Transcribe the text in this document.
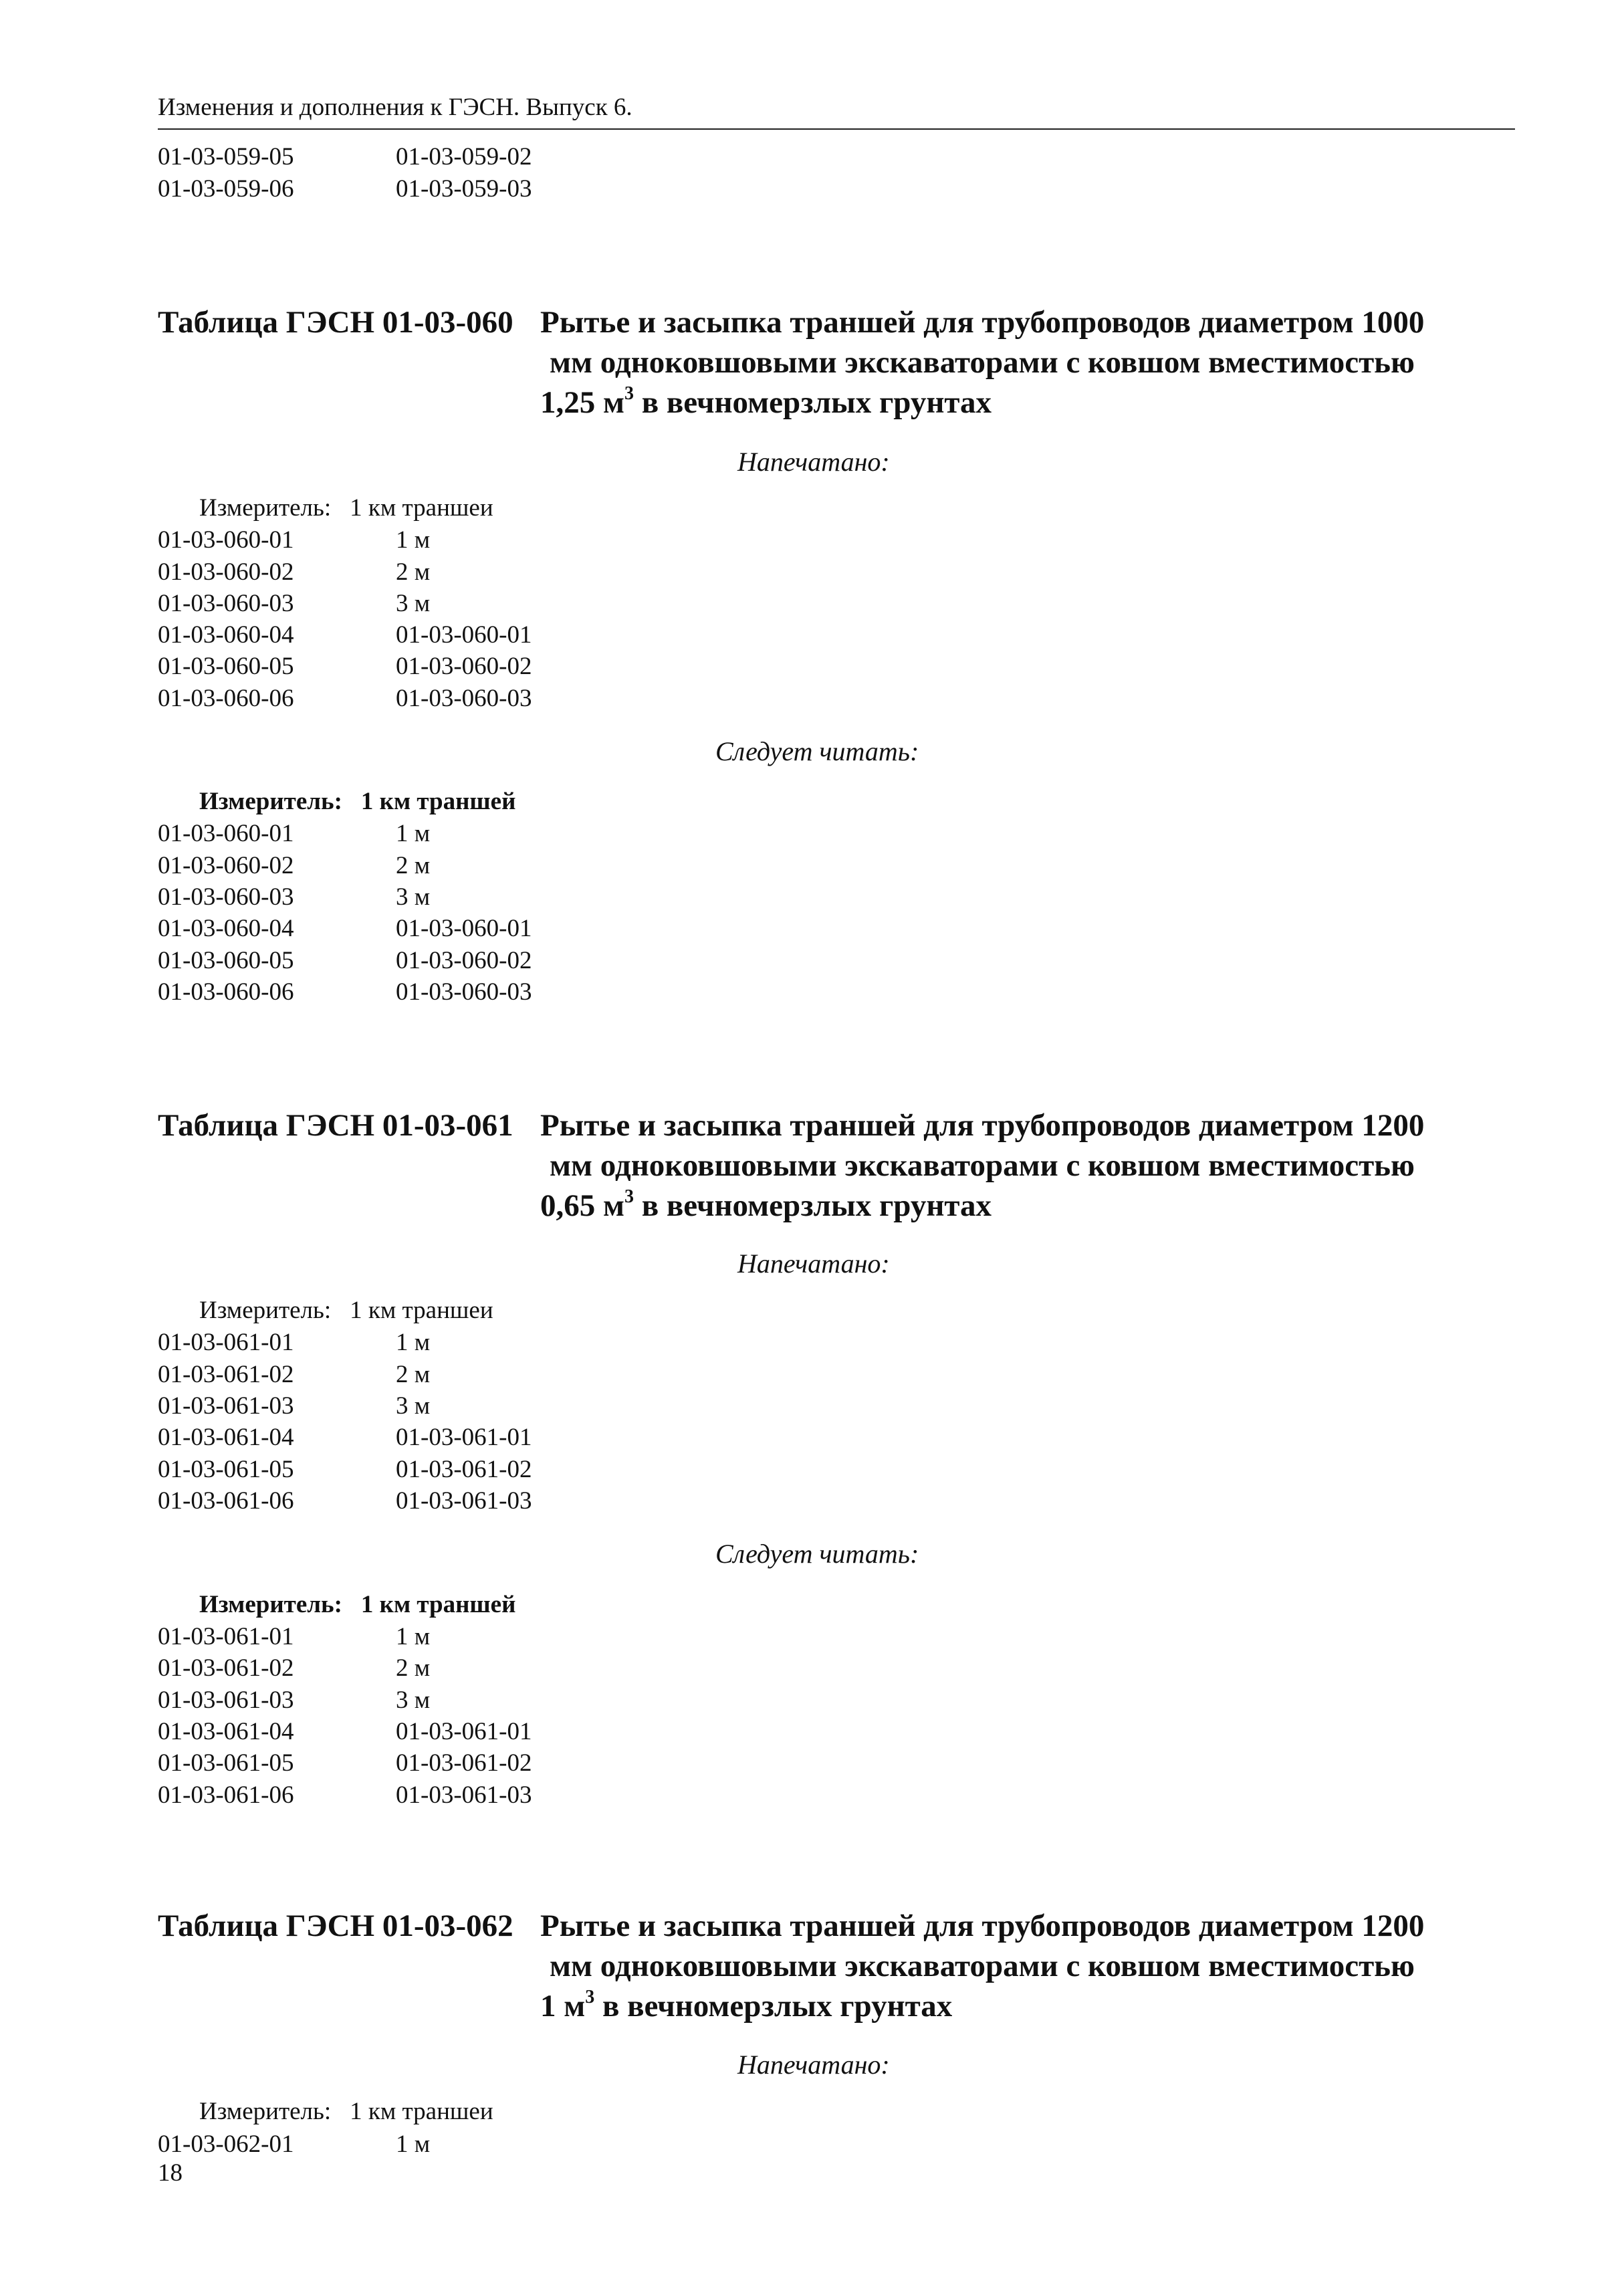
Изменения и дополнения к ГЭСН. Выпуск 6.
01-03-059-05	01-03-059-02
01-03-059-06	01-03-059-03
Таблица ГЭСН 01-03-060 Рытье и засыпка траншей для трубопроводов диаметром 1000
мм одноковшовыми экскаваторами с ковшом вместимостью
1,25 $м^3$ в вечномерзлых грунтах
Напечатано:
Измеритель: 1 км траншеи
01-03-060-01	1 м
01-03-060-02	2 м
01-03-060-03	3 м
01-03-060-04	01-03-060-01
01-03-060-05	01-03-060-02
01-03-060-06	01-03-060-03
Следует читать:
Измеритель: 1 км траншей
01-03-060-01	1 м
01-03-060-02	2 м
01-03-060-03	3 м
01-03-060-04	01-03-060-01
01-03-060-05	01-03-060-02
01-03-060-06	01-03-060-03
Таблица ГЭСН 01-03-061 Рытье и засыпка траншей для трубопроводов диаметром 1200
мм одноковшовыми экскаваторами с ковшом вместимостью
0,65 $м^3$ в вечномерзлых грунтах
Напечатано:
Измеритель: 1 км траншеи
01-03-061-01	1 м
01-03-061-02	2 м
01-03-061-03	3 м
01-03-061-04	01-03-061-01
01-03-061-05	01-03-061-02
01-03-061-06	01-03-061-03
Следует читать:
Измеритель: 1 км траншей
01-03-061-01	1 м
01-03-061-02	2 м
01-03-061-03	3 м
01-03-061-04	01-03-061-01
01-03-061-05	01-03-061-02
01-03-061-06	01-03-061-03
Таблица ГЭСН 01-03-062 Рытье и засыпка траншей для трубопроводов диаметром 1200
мм одноковшовыми экскаваторами с ковшом вместимостью
1 $м^3$ в вечномерзлых грунтах
Напечатано:
Измеритель: 1 км траншеи
01-03-062-01	1 м
18
